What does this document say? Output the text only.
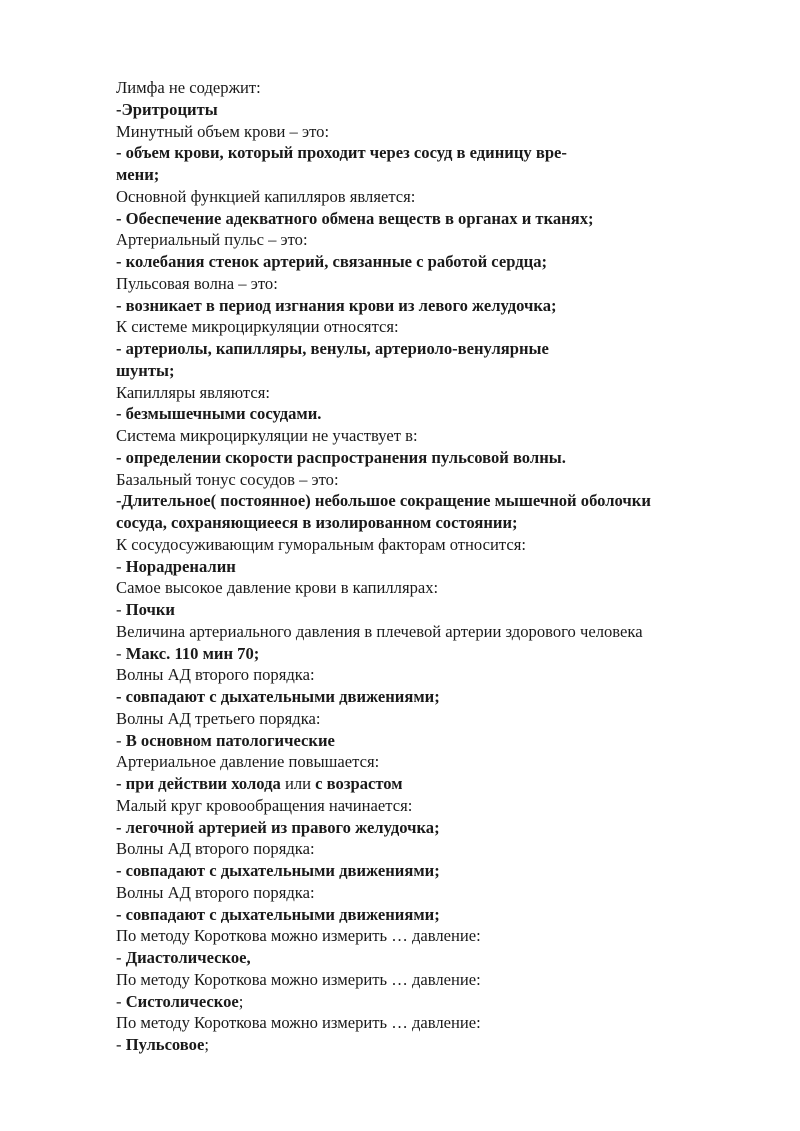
Лимфа не содержит:
-Эритроциты
Минутный объем крови – это:
- объем крови, который проходит через сосуд в единицу вре-
мени;
Основной функцией капилляров является:
- Обеспечение адекватного обмена веществ в органах и тканях;
Артериальный пульс – это:
- колебания стенок артерий, связанные с работой сердца;
Пульсовая волна – это:
- возникает в период изгнания крови из левого желудочка;
К системе микроциркуляции относятся:
- артериолы, капилляры, венулы, артериоло-венулярные
шунты;
Капилляры являются:
- безмышечными сосудами.
Система микроциркуляции не участвует в:
- определении скорости распространения пульсовой волны.
Базальный тонус сосудов – это:
-Длительное( постоянное) небольшое сокращение мышечной оболочки
сосуда, сохраняющиееся в изолированном состоянии;
К сосудосуживающим гуморальным факторам относится:
- Норадреналин
Самое высокое давление крови в капиллярах:
- Почки
Величина артериального давления в плечевой артерии здорового человека
- Макс. 110 мин 70;
Волны АД второго порядка:
- совпадают с дыхательными движениями;
Волны АД третьего порядка:
- В основном патологические
Артериальное давление повышается:
- при действии холода или с возрастом
Малый круг кровообращения начинается:
- легочной артерией из правого желудочка;
Волны АД второго порядка:
- совпадают с дыхательными движениями;
Волны АД второго порядка:
- совпадают с дыхательными движениями;
По методу Короткова можно измерить … давление:
- Диастолическое,
По методу Короткова можно измерить … давление:
- Систолическое;
По методу Короткова можно измерить … давление:
- Пульсовое;
